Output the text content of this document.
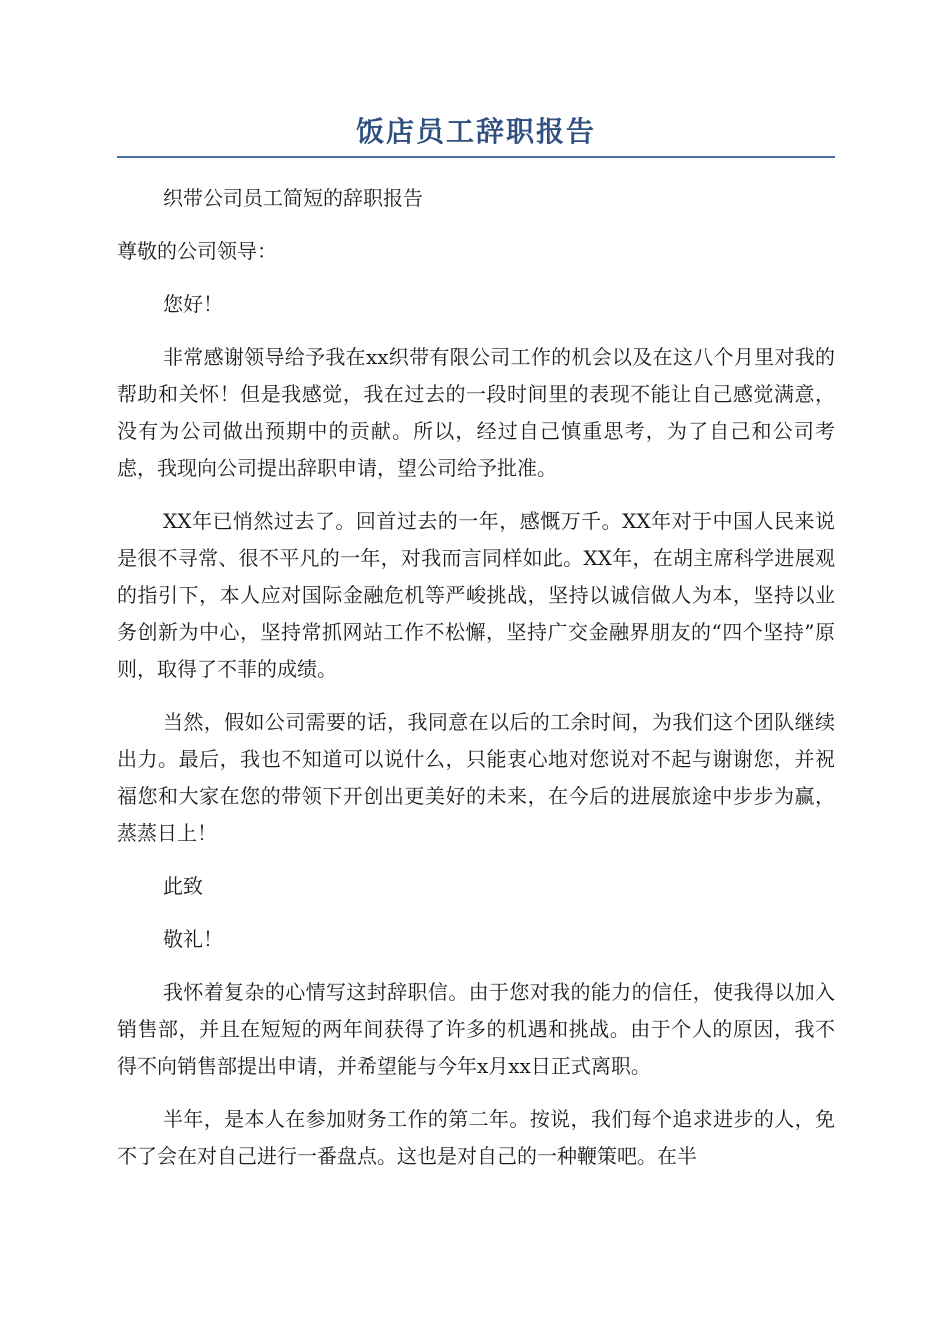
饭店员工辞职报告

织带公司员工简短的辞职报告

尊敬的公司领导：

您好！

非常感谢领导给予我在xx织带有限公司工作的机会以及在这八个月里对我的帮助和关怀！但是我感觉，我在过去的一段时间里的表现不能让自己感觉满意，没有为公司做出预期中的贡献。所以，经过自己慎重思考，为了自己和公司考虑，我现向公司提出辞职申请，望公司给予批准。

XX年已悄然过去了。回首过去的一年，感慨万千。XX年对于中国人民来说是很不寻常、很不平凡的一年，对我而言同样如此。XX年，在胡主席科学进展观的指引下，本人应对国际金融危机等严峻挑战，坚持以诚信做人为本，坚持以业务创新为中心，坚持常抓网站工作不松懈，坚持广交金融界朋友的“四个坚持”原则，取得了不菲的成绩。

当然，假如公司需要的话，我同意在以后的工余时间，为我们这个团队继续出力。最后，我也不知道可以说什么，只能衷心地对您说对不起与谢谢您，并祝福您和大家在您的带领下开创出更美好的未来，在今后的进展旅途中步步为赢，蒸蒸日上！

此致

敬礼！

我怀着复杂的心情写这封辞职信。由于您对我的能力的信任，使我得以加入销售部，并且在短短的两年间获得了许多的机遇和挑战。由于个人的原因，我不得不向销售部提出申请，并希望能与今年x月xx日正式离职。

半年，是本人在参加财务工作的第二年。按说，我们每个追求进步的人，免不了会在对自己进行一番盘点。这也是对自己的一种鞭策吧。在半
